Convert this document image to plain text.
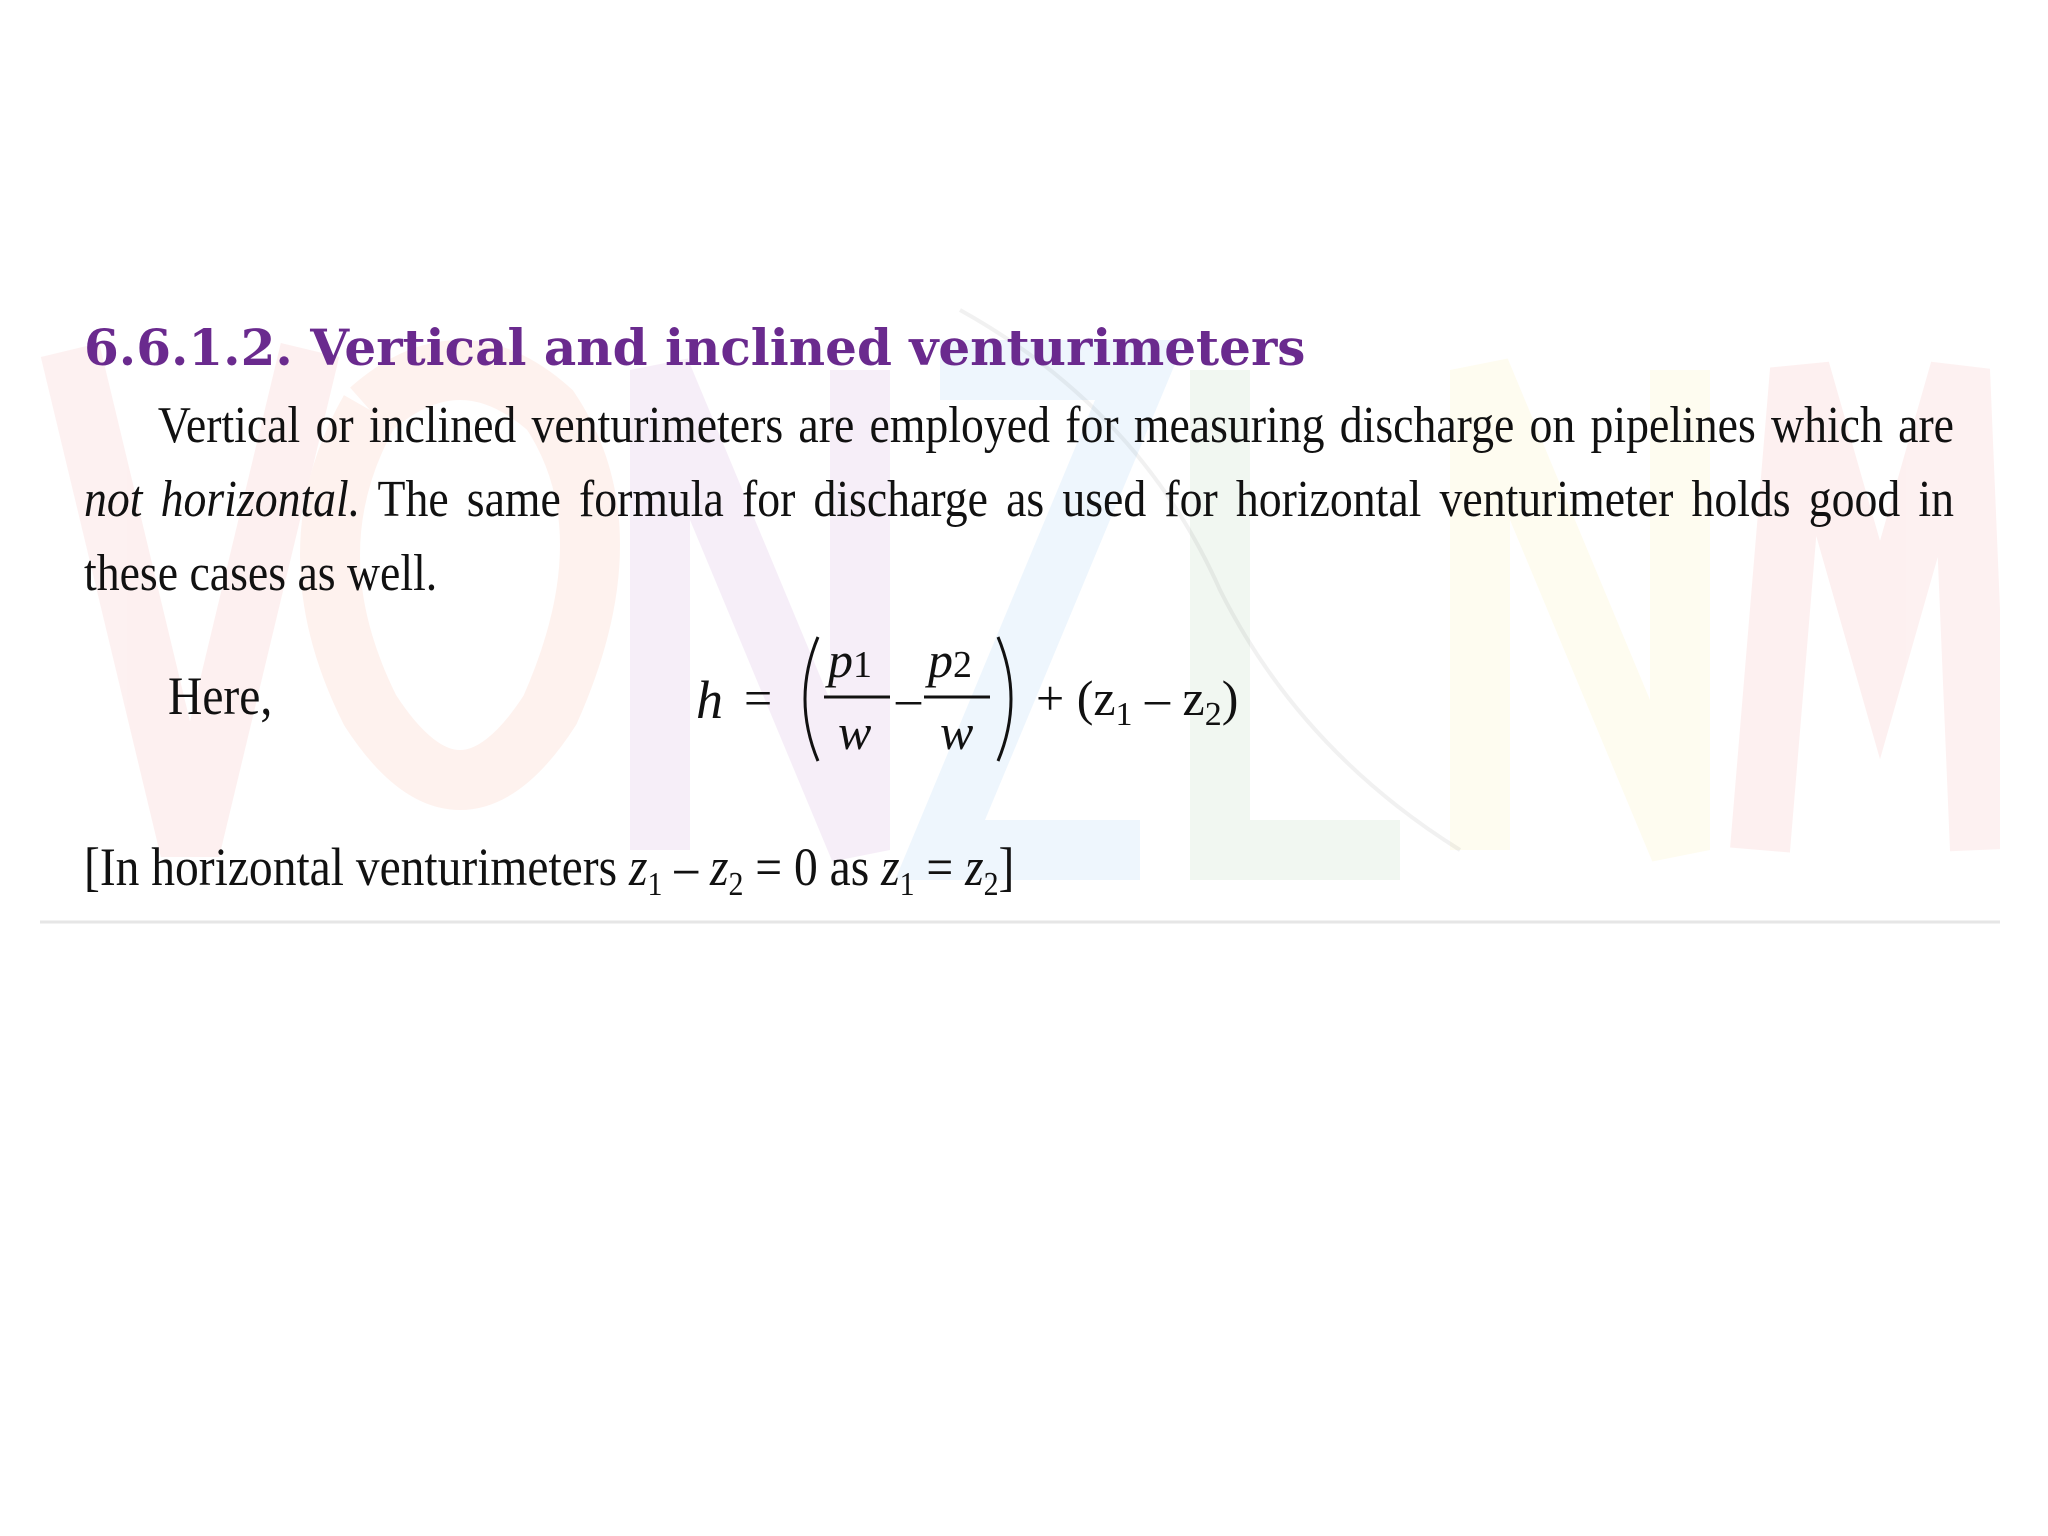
6.6.1.2. Vertical and inclined venturimeters

Vertical or inclined venturimeters are employed for measuring discharge on pipelines which are not horizontal. The same formula for discharge as used for horizontal venturimeter holds good in these cases as well.

Here,	h =
p1
w
–
p2
w
+ $(z_1 - z_2)$
[In horizontal venturimeters $z_1 - z_2 = 0$ as $z_1 = z_2$]
